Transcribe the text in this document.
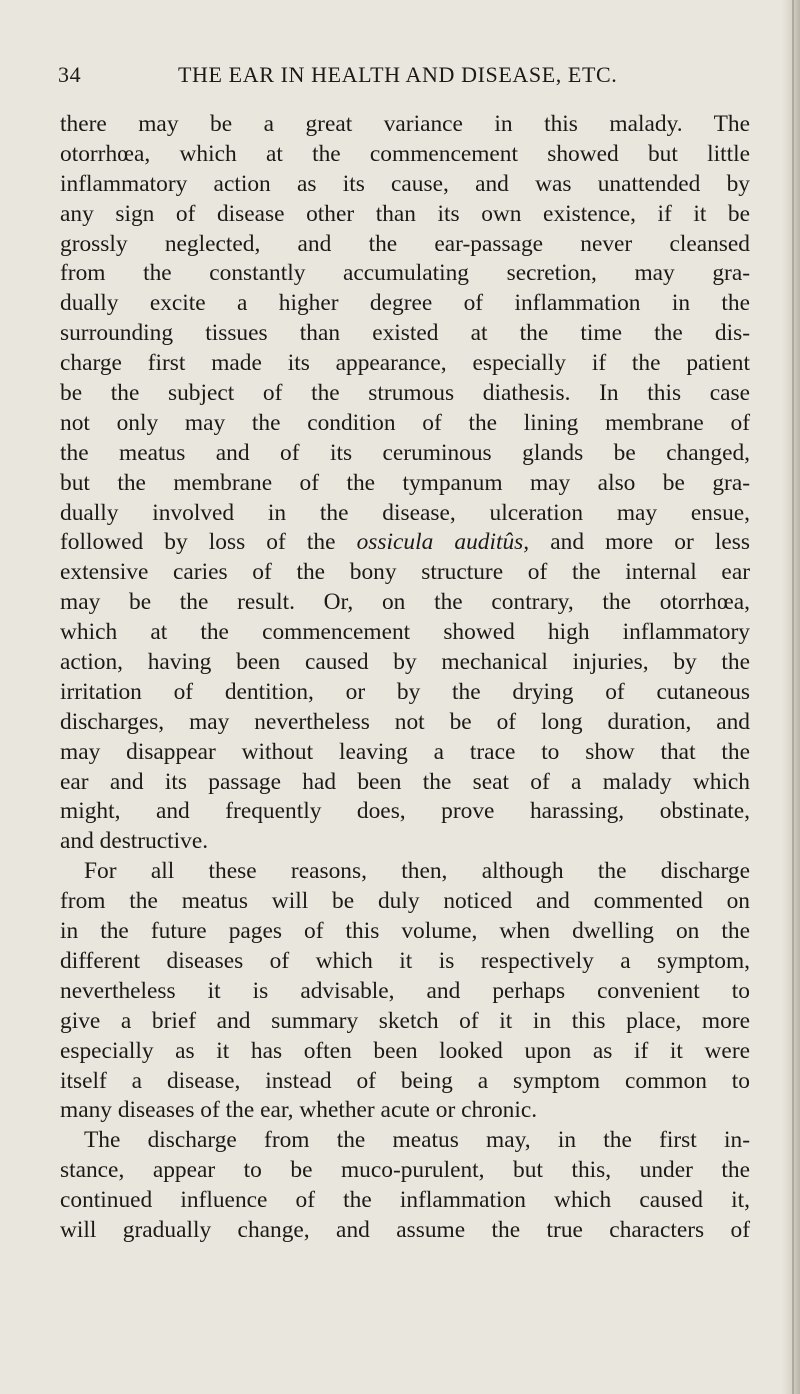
34	THE EAR IN HEALTH AND DISEASE, ETC.
there may be a great variance in this malady. The
otorrhœa, which at the commencement showed but little
inflammatory action as its cause, and was unattended by
any sign of disease other than its own existence, if it be
grossly neglected, and the ear-passage never cleansed
from the constantly accumulating secretion, may gra-
dually excite a higher degree of inflammation in the
surrounding tissues than existed at the time the dis-
charge first made its appearance, especially if the patient
be the subject of the strumous diathesis. In this case
not only may the condition of the lining membrane of
the meatus and of its ceruminous glands be changed,
but the membrane of the tympanum may also be gra-
dually involved in the disease, ulceration may ensue,
followed by loss of the ossicula auditûs, and more or less
extensive caries of the bony structure of the internal ear
may be the result. Or, on the contrary, the otorrhœa,
which at the commencement showed high inflammatory
action, having been caused by mechanical injuries, by the
irritation of dentition, or by the drying of cutaneous
discharges, may nevertheless not be of long duration, and
may disappear without leaving a trace to show that the
ear and its passage had been the seat of a malady which
might, and frequently does, prove harassing, obstinate,
and destructive.
For all these reasons, then, although the discharge
from the meatus will be duly noticed and commented on
in the future pages of this volume, when dwelling on the
different diseases of which it is respectively a symptom,
nevertheless it is advisable, and perhaps convenient to
give a brief and summary sketch of it in this place, more
especially as it has often been looked upon as if it were
itself a disease, instead of being a symptom common to
many diseases of the ear, whether acute or chronic.
The discharge from the meatus may, in the first in-
stance, appear to be muco-purulent, but this, under the
continued influence of the inflammation which caused it,
will gradually change, and assume the true characters of
